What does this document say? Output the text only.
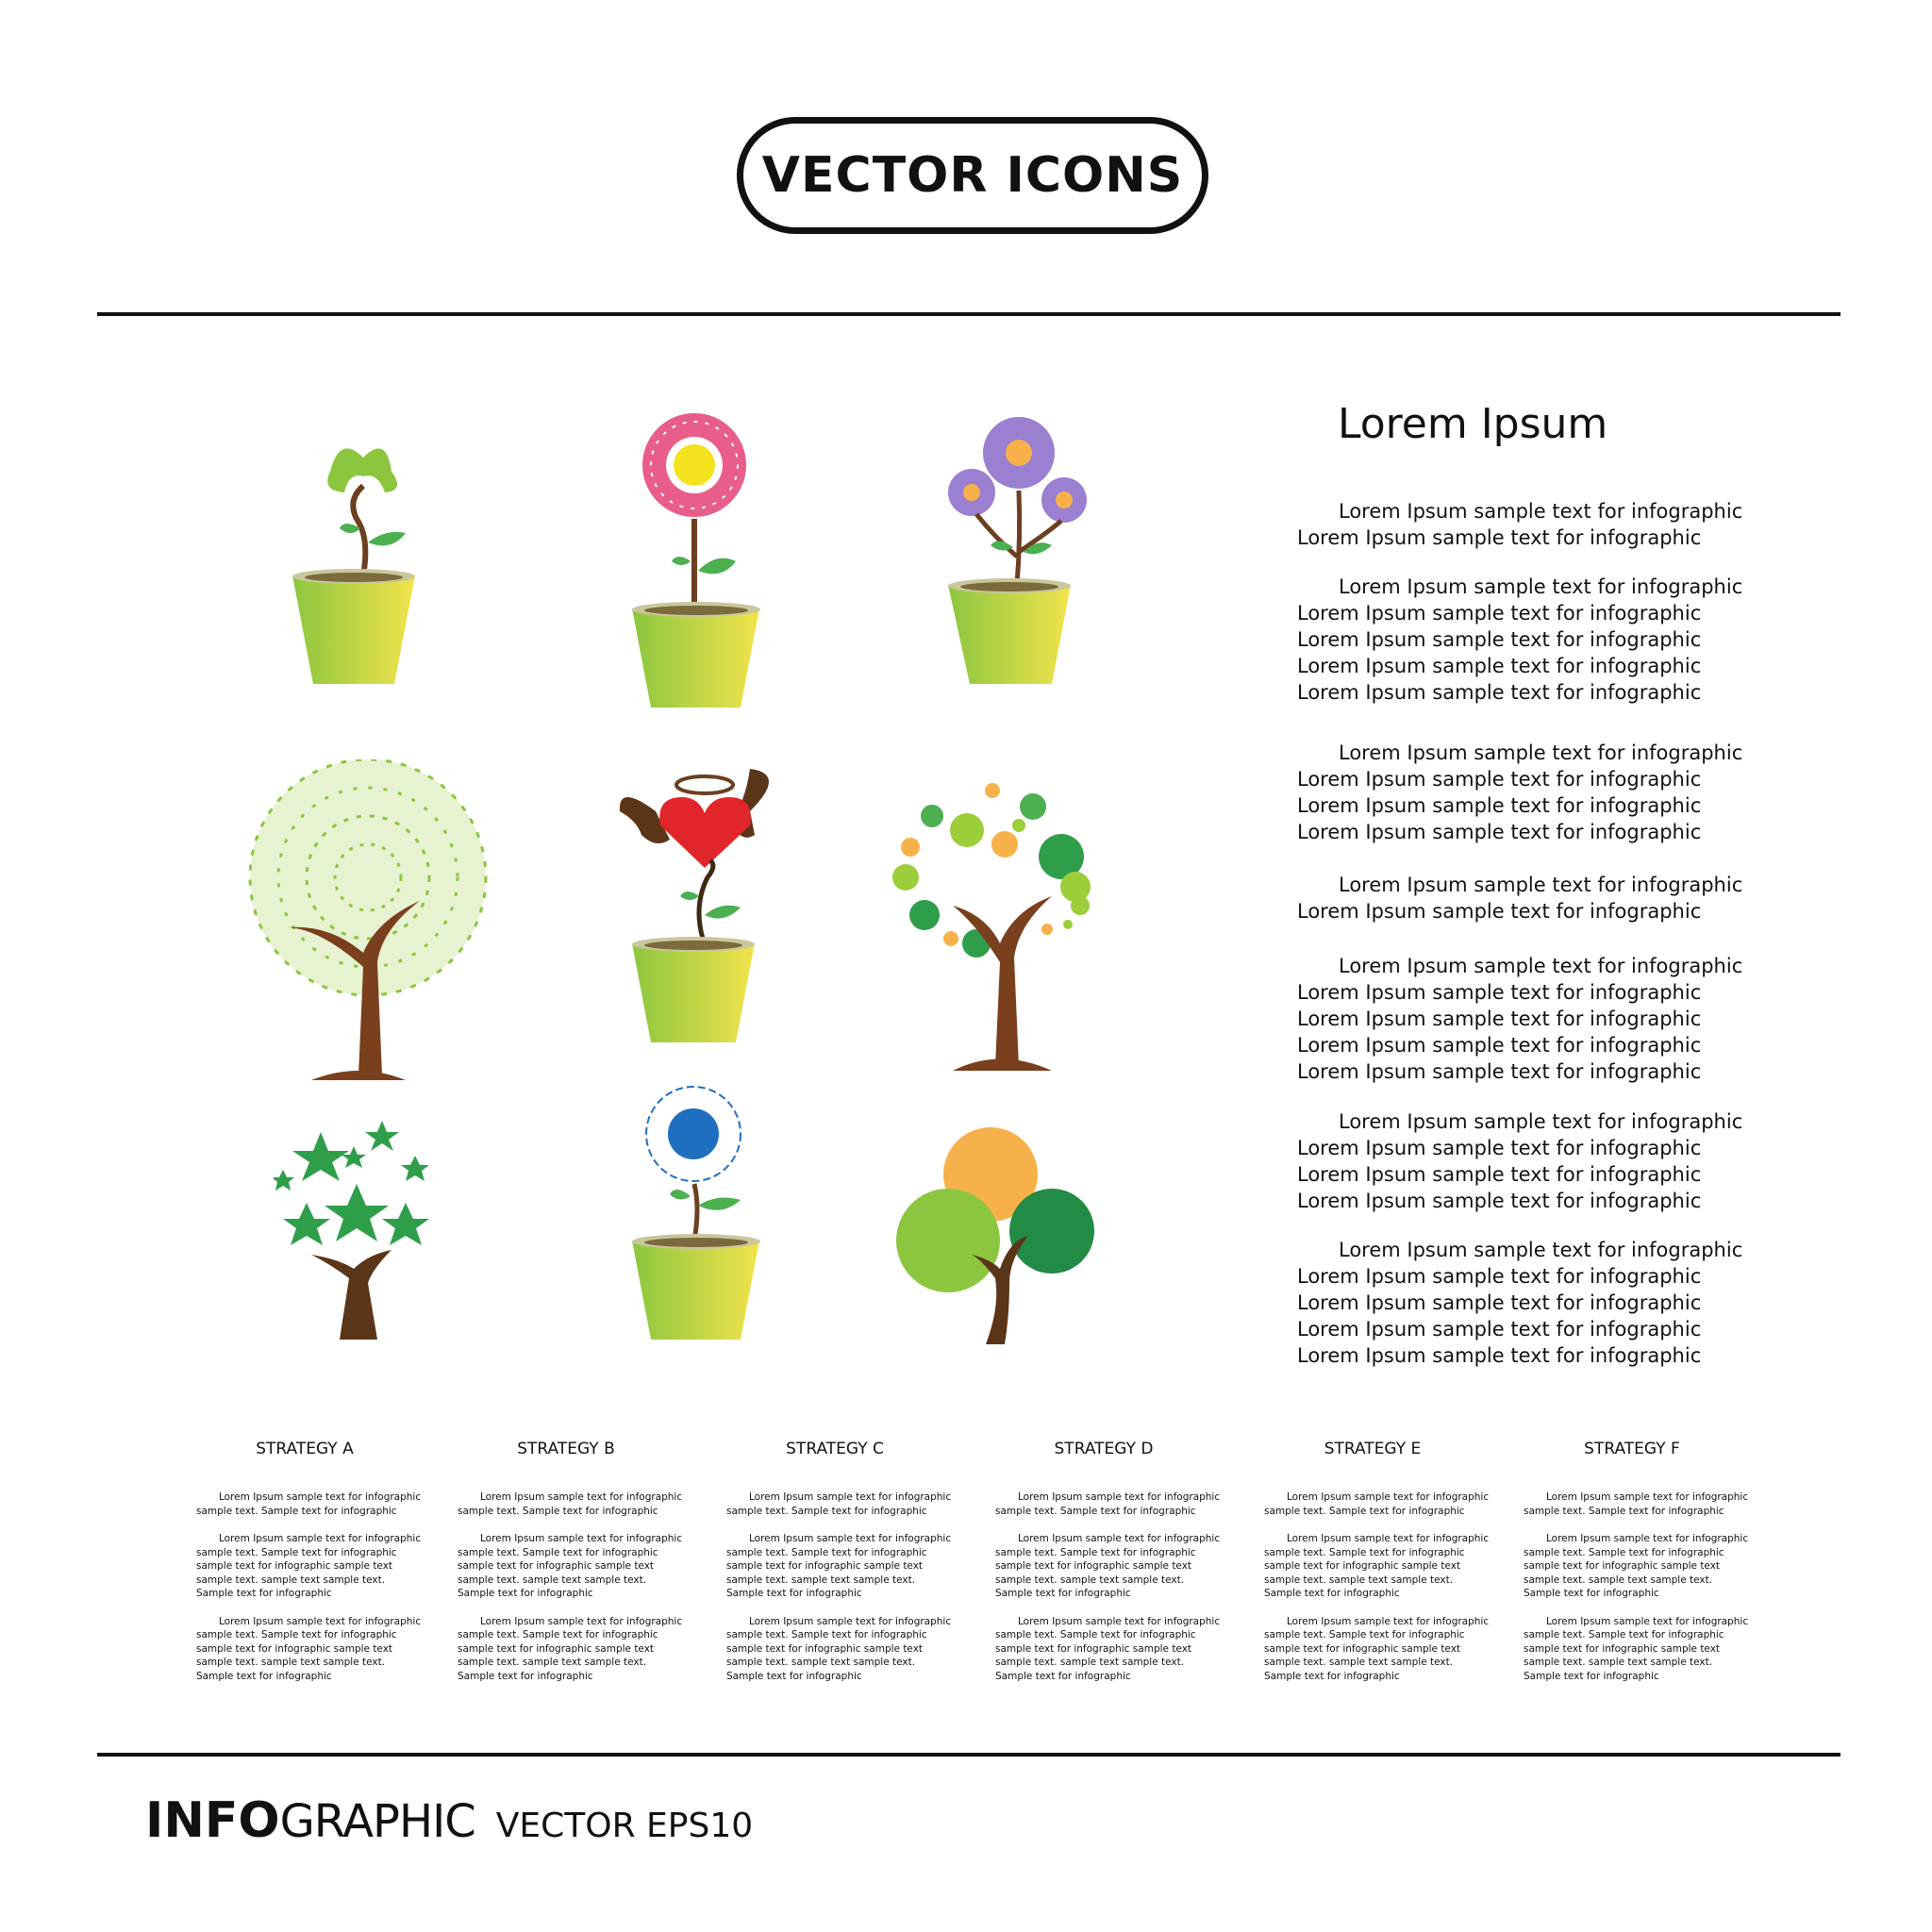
VECTOR ICONS
Lorem Ipsum
Lorem Ipsum sample text for infographic
Lorem Ipsum sample text for infographic
Lorem Ipsum sample text for infographic
Lorem Ipsum sample text for infographic
Lorem Ipsum sample text for infographic
Lorem Ipsum sample text for infographic
Lorem Ipsum sample text for infographic
Lorem Ipsum sample text for infographic
Lorem Ipsum sample text for infographic
Lorem Ipsum sample text for infographic
Lorem Ipsum sample text for infographic
Lorem Ipsum sample text for infographic
Lorem Ipsum sample text for infographic
Lorem Ipsum sample text for infographic
Lorem Ipsum sample text for infographic
Lorem Ipsum sample text for infographic
Lorem Ipsum sample text for infographic
Lorem Ipsum sample text for infographic
Lorem Ipsum sample text for infographic
Lorem Ipsum sample text for infographic
Lorem Ipsum sample text for infographic
Lorem Ipsum sample text for infographic
Lorem Ipsum sample text for infographic
Lorem Ipsum sample text for infographic
Lorem Ipsum sample text for infographic
Lorem Ipsum sample text for infographic
Lorem Ipsum sample text for infographic
STRATEGY A
Lorem Ipsum sample text for infographic
sample text. Sample text for infographic
Lorem Ipsum sample text for infographic
sample text. Sample text for infographic
sample text for infographic sample text
sample text. sample text sample text.
Sample text for infographic
Lorem Ipsum sample text for infographic
sample text. Sample text for infographic
sample text for infographic sample text
sample text. sample text sample text.
Sample text for infographic
STRATEGY B
Lorem Ipsum sample text for infographic
sample text. Sample text for infographic
Lorem Ipsum sample text for infographic
sample text. Sample text for infographic
sample text for infographic sample text
sample text. sample text sample text.
Sample text for infographic
Lorem Ipsum sample text for infographic
sample text. Sample text for infographic
sample text for infographic sample text
sample text. sample text sample text.
Sample text for infographic
STRATEGY C
Lorem Ipsum sample text for infographic
sample text. Sample text for infographic
Lorem Ipsum sample text for infographic
sample text. Sample text for infographic
sample text for infographic sample text
sample text. sample text sample text.
Sample text for infographic
Lorem Ipsum sample text for infographic
sample text. Sample text for infographic
sample text for infographic sample text
sample text. sample text sample text.
Sample text for infographic
STRATEGY D
Lorem Ipsum sample text for infographic
sample text. Sample text for infographic
Lorem Ipsum sample text for infographic
sample text. Sample text for infographic
sample text for infographic sample text
sample text. sample text sample text.
Sample text for infographic
Lorem Ipsum sample text for infographic
sample text. Sample text for infographic
sample text for infographic sample text
sample text. sample text sample text.
Sample text for infographic
STRATEGY E
Lorem Ipsum sample text for infographic
sample text. Sample text for infographic
Lorem Ipsum sample text for infographic
sample text. Sample text for infographic
sample text for infographic sample text
sample text. sample text sample text.
Sample text for infographic
Lorem Ipsum sample text for infographic
sample text. Sample text for infographic
sample text for infographic sample text
sample text. sample text sample text.
Sample text for infographic
STRATEGY F
Lorem Ipsum sample text for infographic
sample text. Sample text for infographic
Lorem Ipsum sample text for infographic
sample text. Sample text for infographic
sample text for infographic sample text
sample text. sample text sample text.
Sample text for infographic
Lorem Ipsum sample text for infographic
sample text. Sample text for infographic
sample text for infographic sample text
sample text. sample text sample text.
Sample text for infographic
INFOGRAPHIC VECTOR EPS10
